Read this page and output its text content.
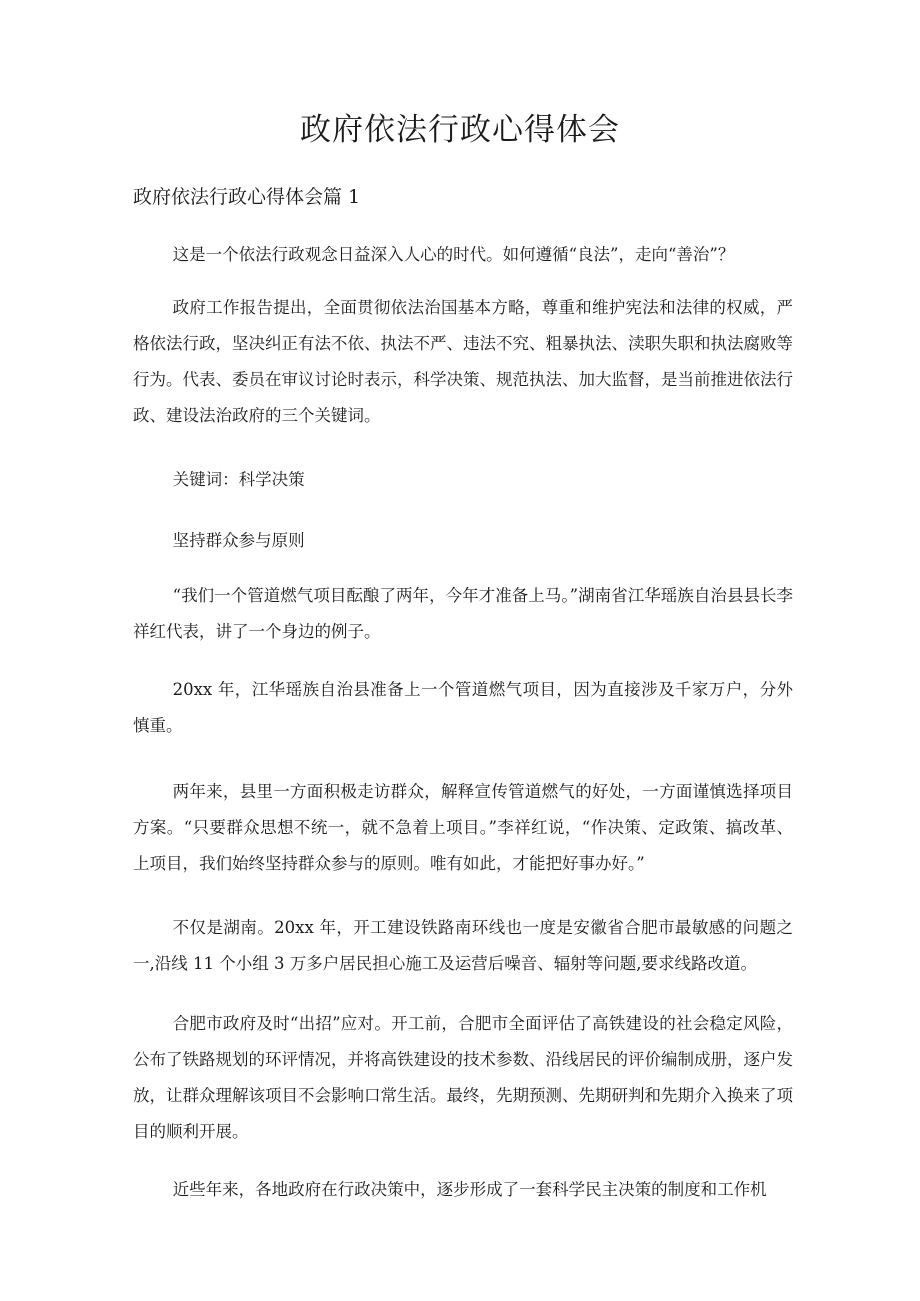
政府依法行政心得体会
政府依法行政心得体会篇 1

这是一个依法行政观念日益深入人心的时代。如何遵循“良法”，走向“善治”？

政府工作报告提出，全面贯彻依法治国基本方略，尊重和维护宪法和法律的权威，严格依法行政，坚决纠正有法不依、执法不严、违法不究、粗暴执法、渎职失职和执法腐败等行为。代表、委员在审议讨论时表示，科学决策、规范执法、加大监督，是当前推进依法行政、建设法治政府的三个关键词。

关键词：科学决策

坚持群众参与原则

“我们一个管道燃气项目酝酿了两年，今年才准备上马。”湖南省江华瑶族自治县县长李祥红代表，讲了一个身边的例子。

20xx 年，江华瑶族自治县准备上一个管道燃气项目，因为直接涉及千家万户，分外慎重。

两年来，县里一方面积极走访群众，解释宣传管道燃气的好处，一方面谨慎选择项目方案。“只要群众思想不统一，就不急着上项目。”李祥红说，“作决策、定政策、搞改革、上项目，我们始终坚持群众参与的原则。唯有如此，才能把好事办好。”

不仅是湖南。20xx 年，开工建设铁路南环线也一度是安徽省合肥市最敏感的问题之一,沿线 11 个小组 3 万多户居民担心施工及运营后噪音、辐射等问题,要求线路改道。

合肥市政府及时“出招”应对。开工前，合肥市全面评估了高铁建设的社会稳定风险，公布了铁路规划的环评情况，并将高铁建设的技术参数、沿线居民的评价编制成册，逐户发放，让群众理解该项目不会影响口常生活。最终，先期预测、先期研判和先期介入换来了项目的顺利开展。

近些年来，各地政府在行政决策中，逐步形成了一套科学民主决策的制度和工作机
